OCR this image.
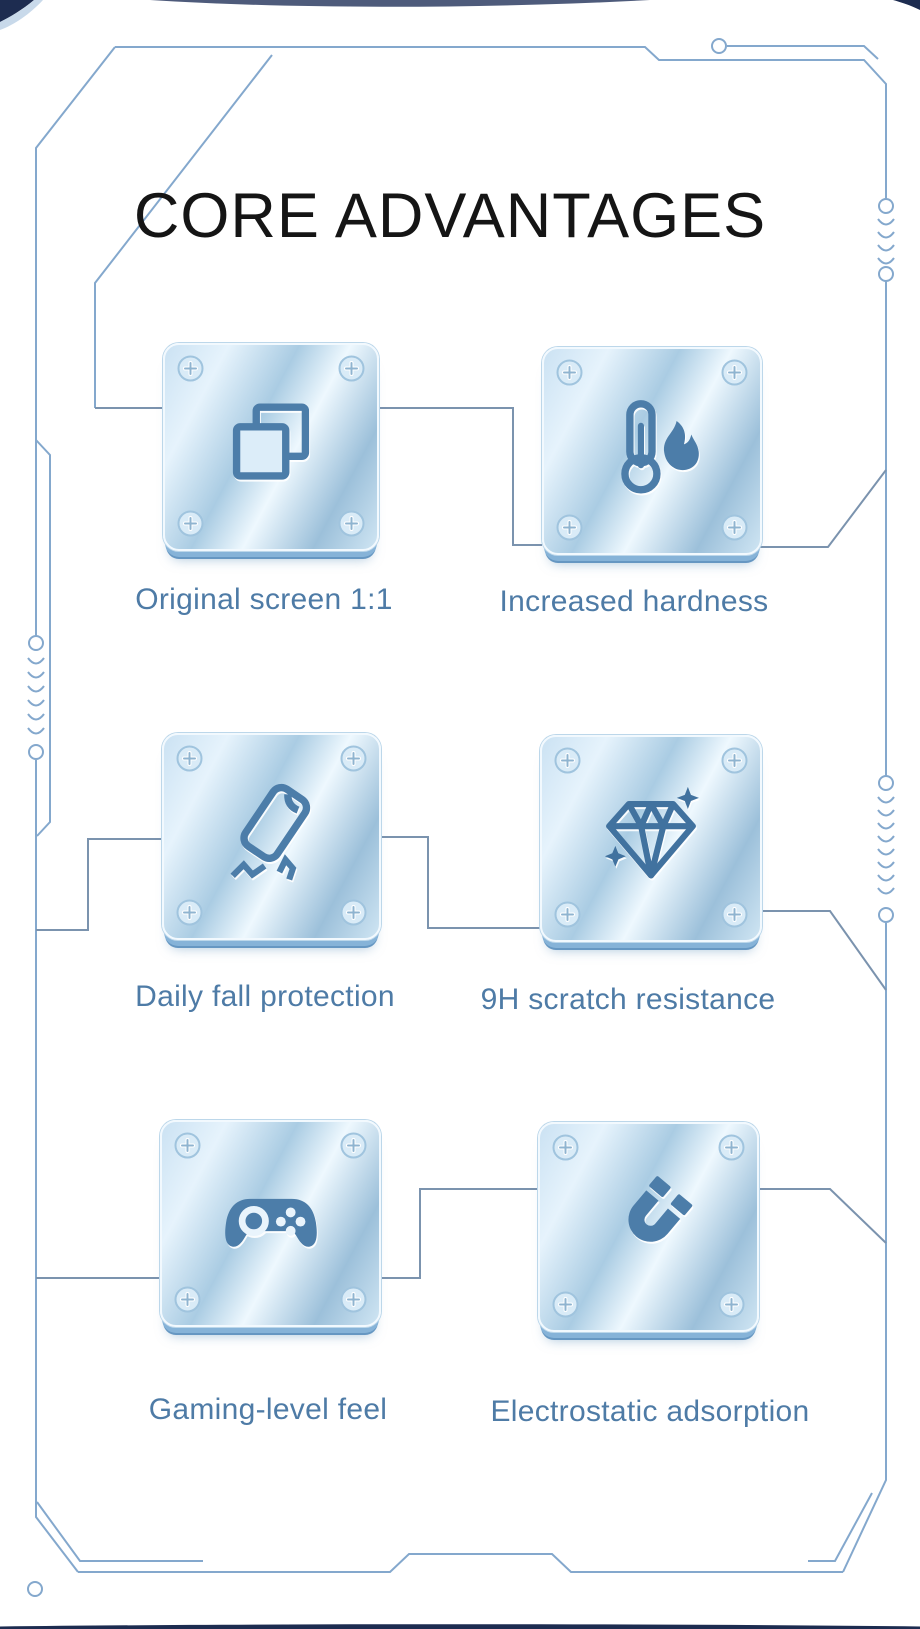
CORE ADVANTAGES
Original screen 1:1	Increased hardness
Daily fall protection	9H scratch resistance
Gaming-level feel	Electrostatic adsorption
